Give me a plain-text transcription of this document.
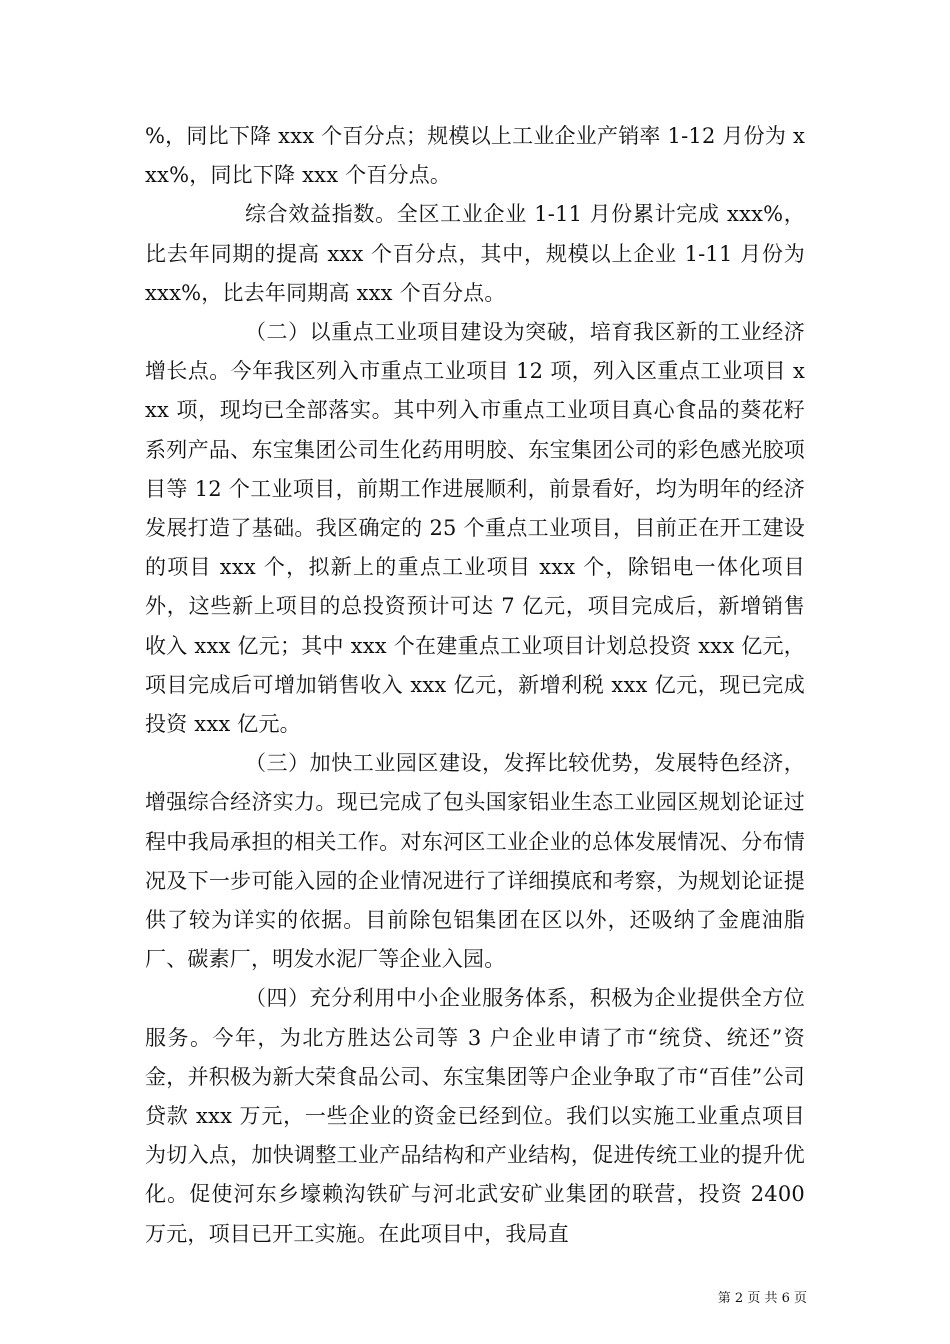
%，同比下降 xxx 个百分点；规模以上工业企业产销率 1-12 月份为 xxx%，同比下降 xxx 个百分点。

综合效益指数。全区工业企业 1-11 月份累计完成 xxx%，比去年同期的提高 xxx 个百分点，其中，规模以上企业 1-11 月份为 xxx%，比去年同期高 xxx 个百分点。

（二）以重点工业项目建设为突破，培育我区新的工业经济增长点。今年我区列入市重点工业项目 12 项，列入区重点工业项目 xxx 项，现均已全部落实。其中列入市重点工业项目真心食品的葵花籽系列产品、东宝集团公司生化药用明胶、东宝集团公司的彩色感光胶项目等 12 个工业项目，前期工作进展顺利，前景看好，均为明年的经济发展打造了基础。我区确定的 25 个重点工业项目，目前正在开工建设的项目 xxx 个，拟新上的重点工业项目 xxx 个，除铝电一体化项目外，这些新上项目的总投资预计可达 7 亿元，项目完成后，新增销售收入 xxx 亿元；其中 xxx 个在建重点工业项目计划总投资 xxx 亿元，项目完成后可增加销售收入 xxx 亿元，新增利税 xxx 亿元，现已完成投资 xxx 亿元。

（三）加快工业园区建设，发挥比较优势，发展特色经济，增强综合经济实力。现已完成了包头国家铝业生态工业园区规划论证过程中我局承担的相关工作。对东河区工业企业的总体发展情况、分布情况及下一步可能入园的企业情况进行了详细摸底和考察，为规划论证提供了较为详实的依据。目前除包铝集团在区以外，还吸纳了金鹿油脂厂、碳素厂，明发水泥厂等企业入园。

（四）充分利用中小企业服务体系，积极为企业提供全方位服务。今年，为北方胜达公司等 3 户企业申请了市“统贷、统还”资金，并积极为新大荣食品公司、东宝集团等户企业争取了市“百佳”公司贷款 xxx 万元，一些企业的资金已经到位。我们以实施工业重点项目为切入点，加快调整工业产品结构和产业结构，促进传统工业的提升优化。促使河东乡壕赖沟铁矿与河北武安矿业集团的联营，投资 2400 万元，项目已开工实施。在此项目中，我局直

第 2 页 共 6 页
